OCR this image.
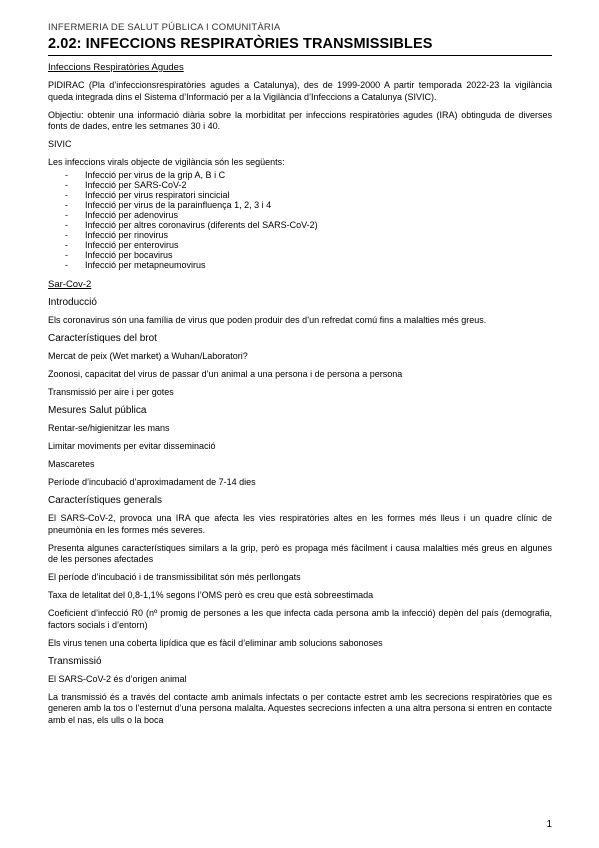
INFERMERIA DE SALUT PÚBLICA I COMUNITÀRIA
2.02: INFECCIONS RESPIRATÒRIES TRANSMISSIBLES
Infeccions Respiratòries Agudes

PIDIRAC (Pla d’infeccionsrespiratòries agudes a Catalunya), des de 1999-2000 A partir temporada 2022-23 la vigilància queda integrada dins el Sistema d’Informació per a la Vigilància d’Infeccions a Catalunya (SIVIC).

Objectiu: obtenir una informació diària sobre la morbiditat per infeccions respiratòries agudes (IRA) obtinguda de diverses fonts de dades, entre les setmanes 30 i 40.

SIVIC

Les infeccions virals objecte de vigilància són les següents:

- Infecció per virus de la grip A, B i C
- Infecció per SARS-CoV-2
- Infecció per virus respiratori sincicial
- Infecció per virus de la parainfluença 1, 2, 3 i 4
- Infecció per adenovirus
- Infecció per altres coronavirus (diferents del SARS-CoV-2)
- Infecció per rinovirus
- Infecció per enterovirus
- Infecció per bocavirus
- Infecció per metapneumovirus
Sar-Cov-2
Introducció

Els coronavirus són una família de virus que poden produir des d’un refredat comú fins a malalties més greus.

Característiques del brot

Mercat de peix (Wet market) a Wuhan/Laboratori?

Zoonosi, capacitat del virus de passar d’un animal a una persona i de persona a persona

Transmissió per aire i per gotes

Mesures Salut pública

Rentar-se/higienitzar les mans

Limitar moviments per evitar disseminació

Mascaretes

Període d’incubació d’aproximadament de 7-14 dies

Característiques generals

El SARS-CoV-2, provoca una IRA que afecta les vies respiratòries altes en les formes més lleus i un quadre clínic de pneumònia en les formes més severes.

Presenta algunes característiques similars a la grip, però es propaga més fàcilment i causa malalties més greus en algunes de les persones afectades

El període d’incubació i de transmissibilitat són més perllongats

Taxa de letalitat del 0,8-1,1% segons l’OMS però es creu que està sobreestimada

Coeficient d’infecció R0 (nº promig de persones a les que infecta cada persona amb la infecció) depèn del país (demografia, factors socials i d’entorn)

Els virus tenen una coberta lipídica que es fàcil d’eliminar amb solucions sabonoses

Transmissió

El SARS-CoV-2 és d’origen animal

La transmissió és a través del contacte amb animals infectats o per contacte estret amb les secrecions respiratòries que es generen amb la tos o l’esternut d’una persona malalta. Aquestes secrecions infecten a una altra persona si entren en contacte amb el nas, els ulls o la boca

1
